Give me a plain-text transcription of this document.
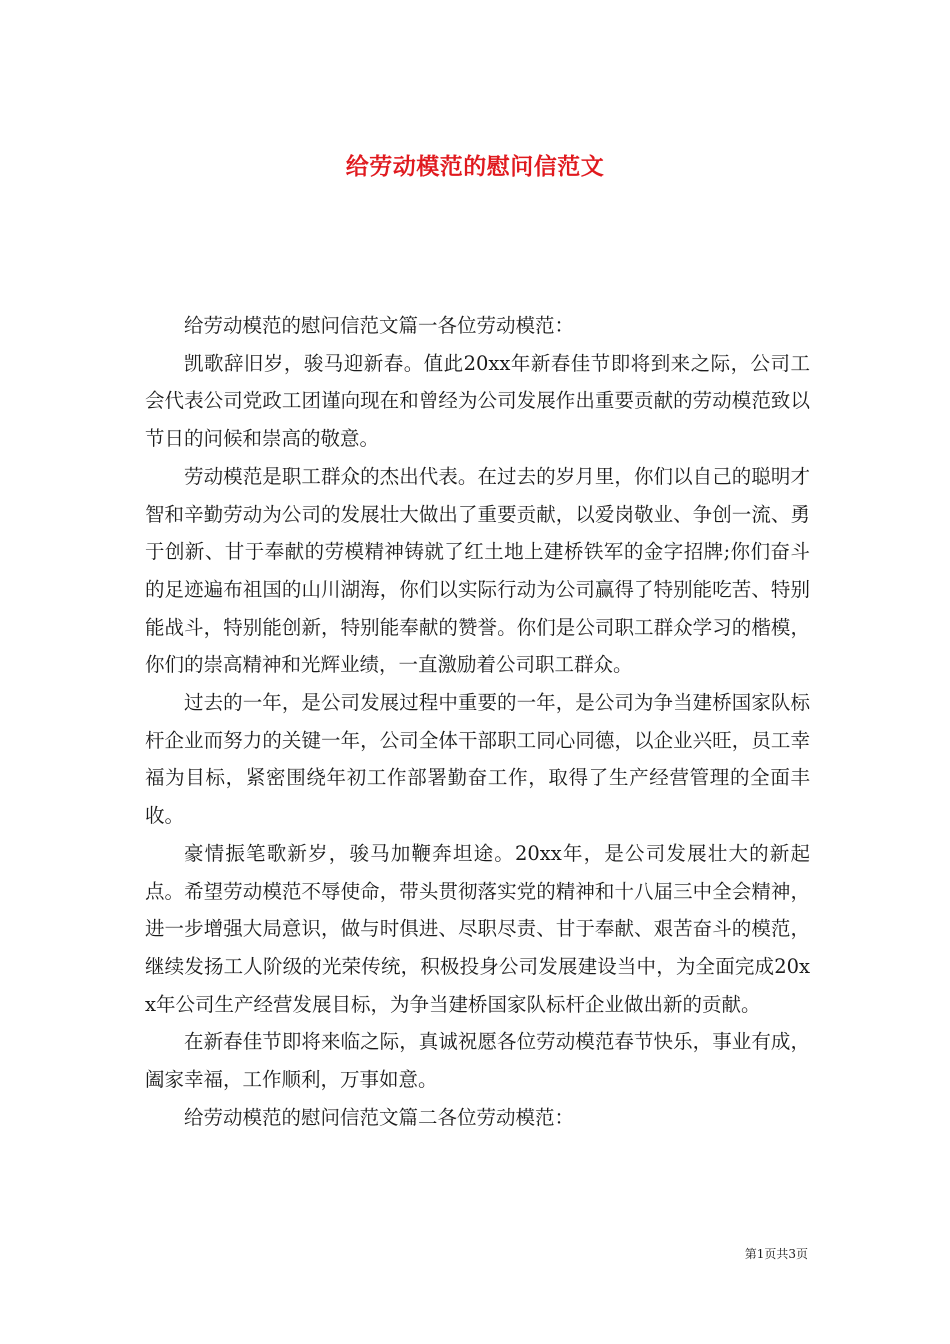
给劳动模范的慰问信范文

给劳动模范的慰问信范文篇一各位劳动模范：

凯歌辞旧岁，骏马迎新春。值此20xx年新春佳节即将到来之际，公司工会代表公司党政工团谨向现在和曾经为公司发展作出重要贡献的劳动模范致以节日的问候和崇高的敬意。

劳动模范是职工群众的杰出代表。在过去的岁月里，你们以自己的聪明才智和辛勤劳动为公司的发展壮大做出了重要贡献，以爱岗敬业、争创一流、勇于创新、甘于奉献的劳模精神铸就了红土地上建桥铁军的金字招牌;你们奋斗的足迹遍布祖国的山川湖海，你们以实际行动为公司赢得了特别能吃苦、特别能战斗，特别能创新，特别能奉献的赞誉。你们是公司职工群众学习的楷模，你们的崇高精神和光辉业绩，一直激励着公司职工群众。

过去的一年，是公司发展过程中重要的一年，是公司为争当建桥国家队标杆企业而努力的关键一年，公司全体干部职工同心同德，以企业兴旺，员工幸福为目标，紧密围绕年初工作部署勤奋工作，取得了生产经营管理的全面丰收。

豪情振笔歌新岁，骏马加鞭奔坦途。20xx年，是公司发展壮大的新起点。希望劳动模范不辱使命，带头贯彻落实党的精神和十八届三中全会精神，进一步增强大局意识，做与时俱进、尽职尽责、甘于奉献、艰苦奋斗的模范，继续发扬工人阶级的光荣传统，积极投身公司发展建设当中，为全面完成20xx年公司生产经营发展目标，为争当建桥国家队标杆企业做出新的贡献。

在新春佳节即将来临之际，真诚祝愿各位劳动模范春节快乐，事业有成，阖家幸福，工作顺利，万事如意。

给劳动模范的慰问信范文篇二各位劳动模范：

第1页共3页
